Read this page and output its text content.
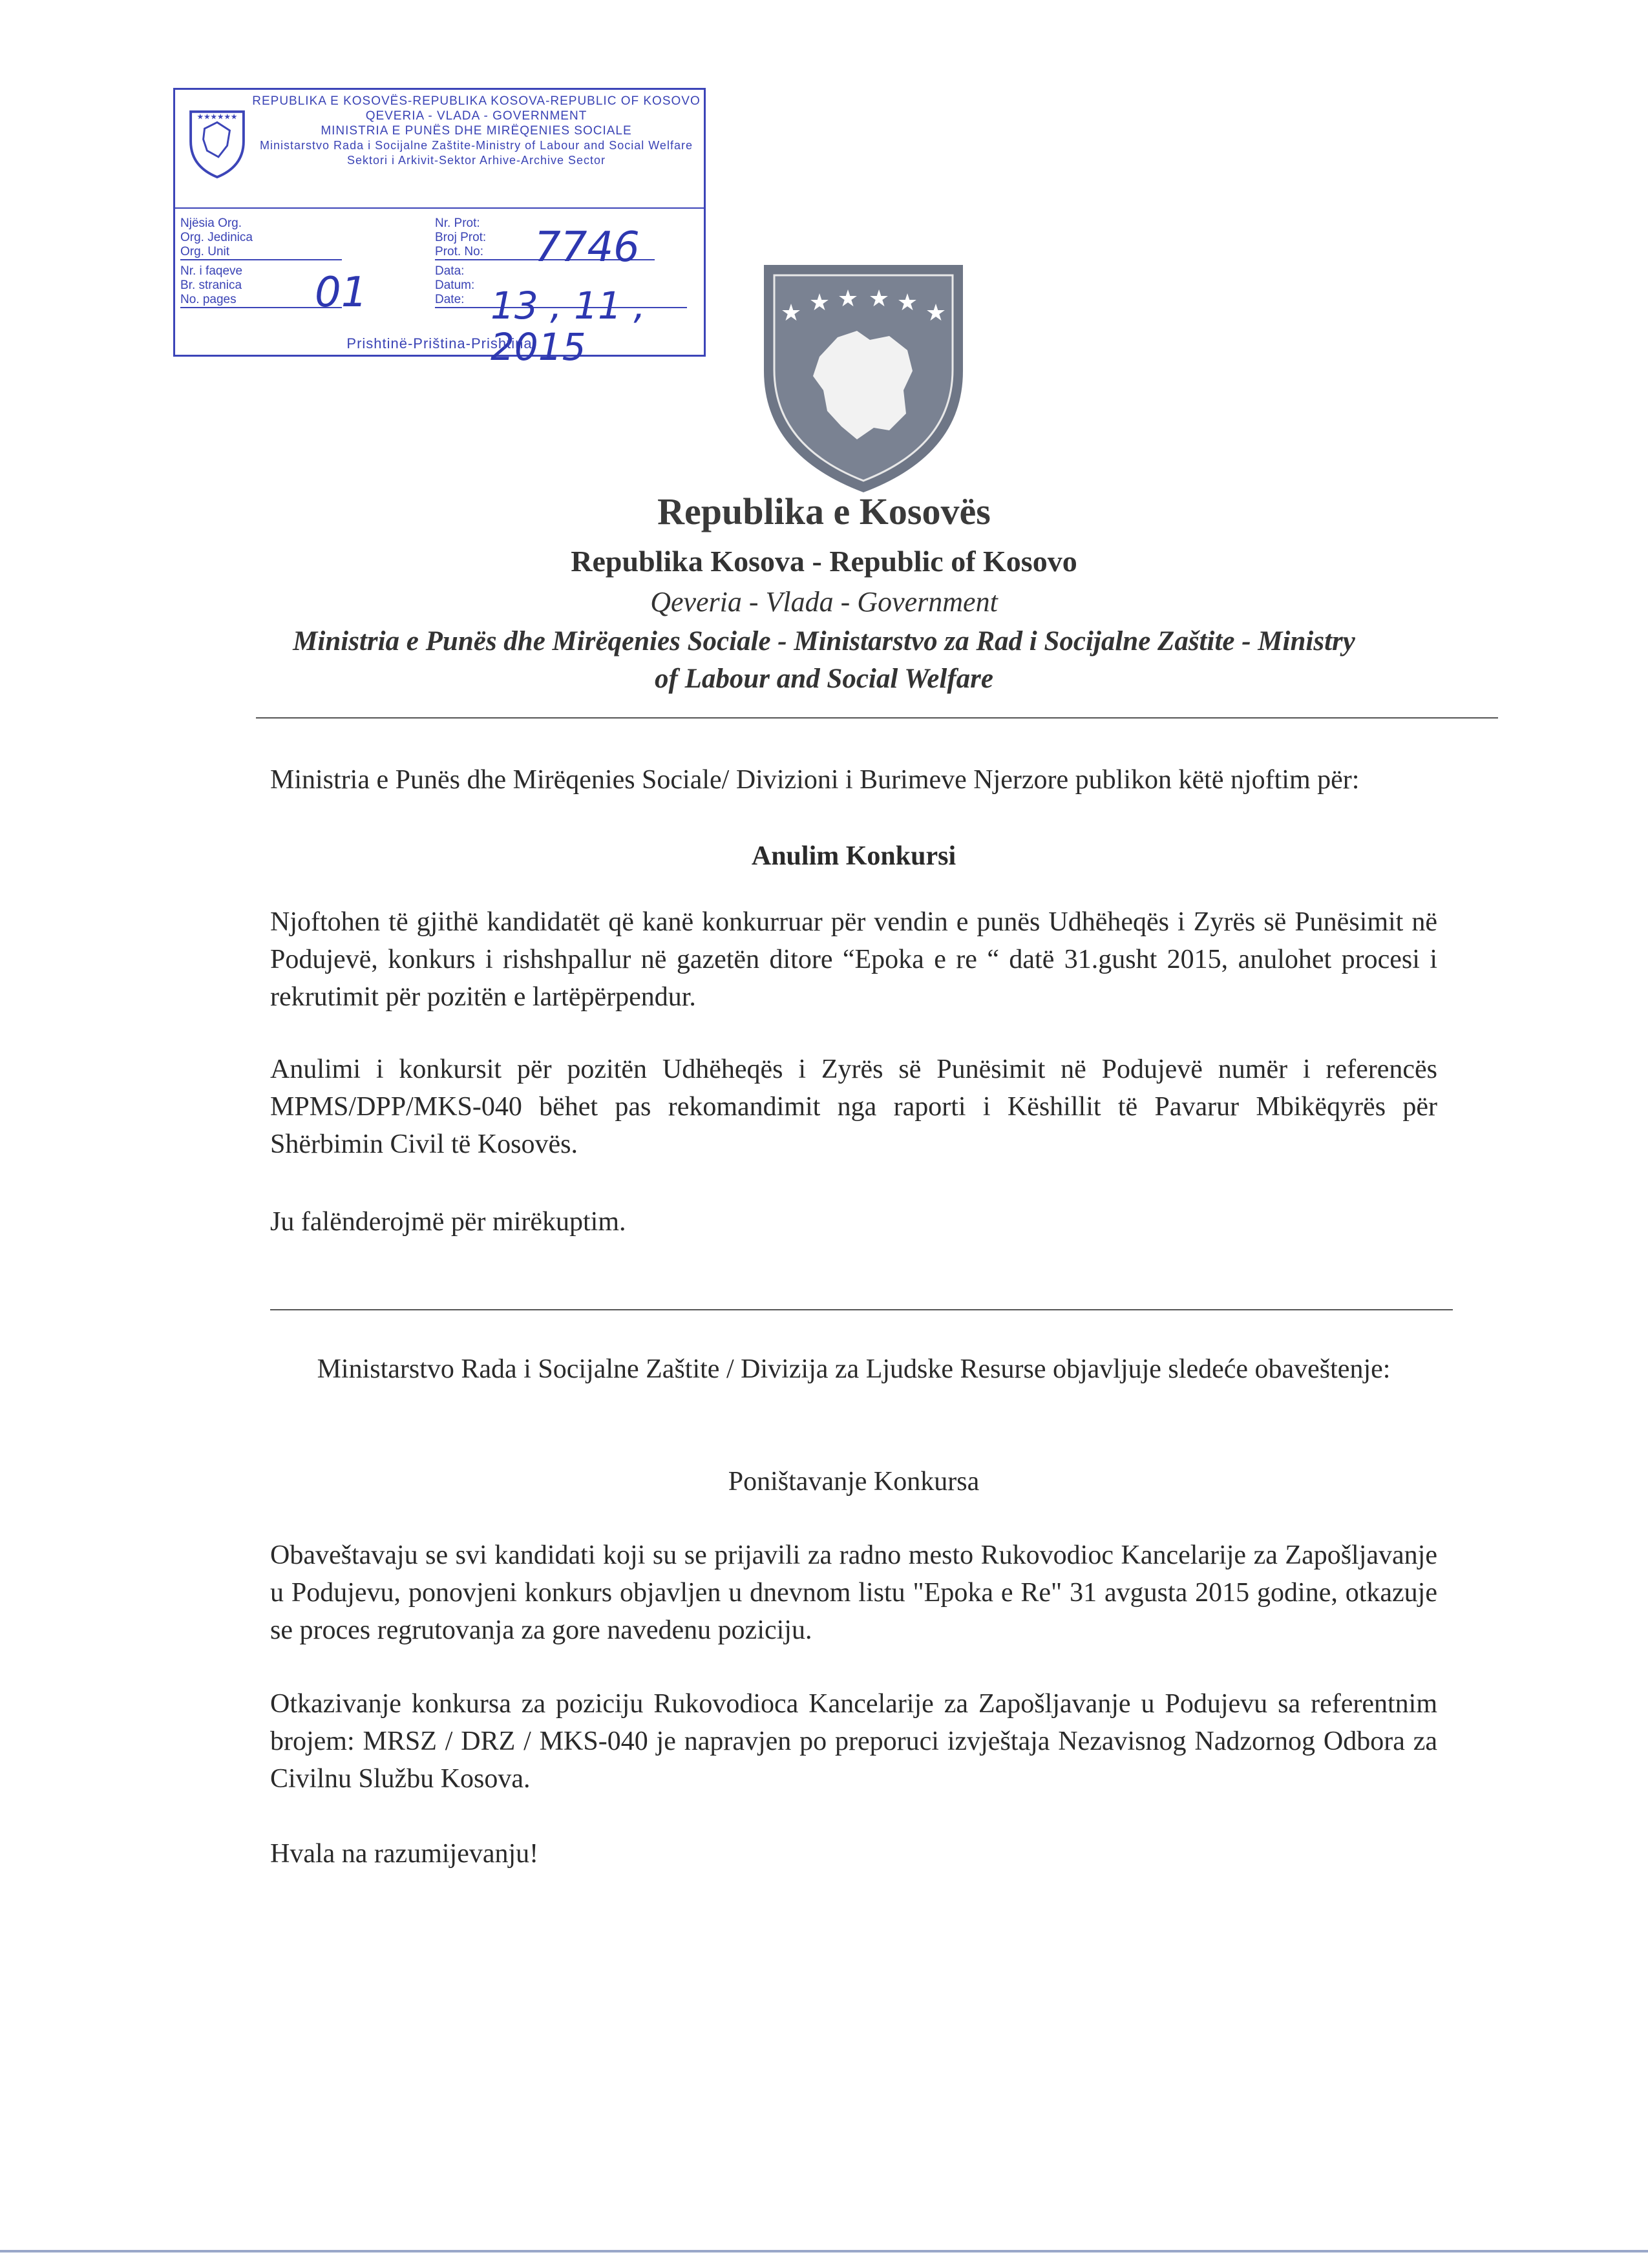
★★★★★★
REPUBLIKA E KOSOVËS-REPUBLIKA KOSOVA-REPUBLIC OF KOSOVO
QEVERIA - VLADA - GOVERNMENT
MINISTRIA E PUNËS DHE MIRËQENIES SOCIALE
Ministarstvo Rada i Socijalne Zaštite-Ministry of Labour and Social Welfare
Sektori i Arkivit-Sektor Arhive-Archive Sector
Njësia Org.
Org. Jedinica
Org. Unit
Nr. i faqeve
Br. stranica
No. pages	01
Nr. Prot:
Broj Prot:
Prot. No:
Data:
Datum:
Date:
7746
13 , 11 , 2015
Prishtinë-Priština-Prishtina
★ ★ ★ ★ ★ ★
Republika e Kosovës
Republika Kosova - Republic of Kosovo
Qeveria - Vlada - Government
Ministria e Punës dhe Mirëqenies Sociale - Ministarstvo za Rad i Socijalne Zaštite - Ministry
of Labour and Social Welfare
Ministria e Punës dhe Mirëqenies Sociale/ Divizioni i Burimeve Njerzore publikon këtë njoftim për:
Anulim Konkursi
Njoftohen të gjithë kandidatët që kanë konkurruar për vendin e punës Udhëheqës i Zyrës së Punësimit në Podujevë, konkurs i rishshpallur në gazetën ditore “Epoka e re “ datë 31.gusht 2015, anulohet procesi i rekrutimit për pozitën e lartëpërpendur.
Anulimi i konkursit për pozitën Udhëheqës i Zyrës së Punësimit në Podujevë numër i referencës MPMS/DPP/MKS-040 bëhet pas rekomandimit nga raporti i Këshillit të Pavarur Mbikëqyrës për Shërbimin Civil të Kosovës.
Ju falënderojmë për mirëkuptim.
Ministarstvo Rada i Socijalne Zaštite / Divizija za Ljudske Resurse objavljuje sledeće obaveštenje:
Poništavanje Konkursa
Obaveštavaju se svi kandidati koji su se prijavili za radno mesto Rukovodioc Kancelarije za Zapošljavanje u Podujevu, ponovjeni konkurs objavljen u dnevnom listu "Epoka e Re" 31 avgusta 2015 godine, otkazuje se proces regrutovanja za gore navedenu poziciju.
Otkazivanje konkursa za poziciju Rukovodioca Kancelarije za Zapošljavanje u Podujevu sa referentnim brojem: MRSZ / DRZ / MKS-040 je napravjen po preporuci izvještaja Nezavisnog Nadzornog Odbora za Civilnu Službu Kosova.
Hvala na razumijevanju!
